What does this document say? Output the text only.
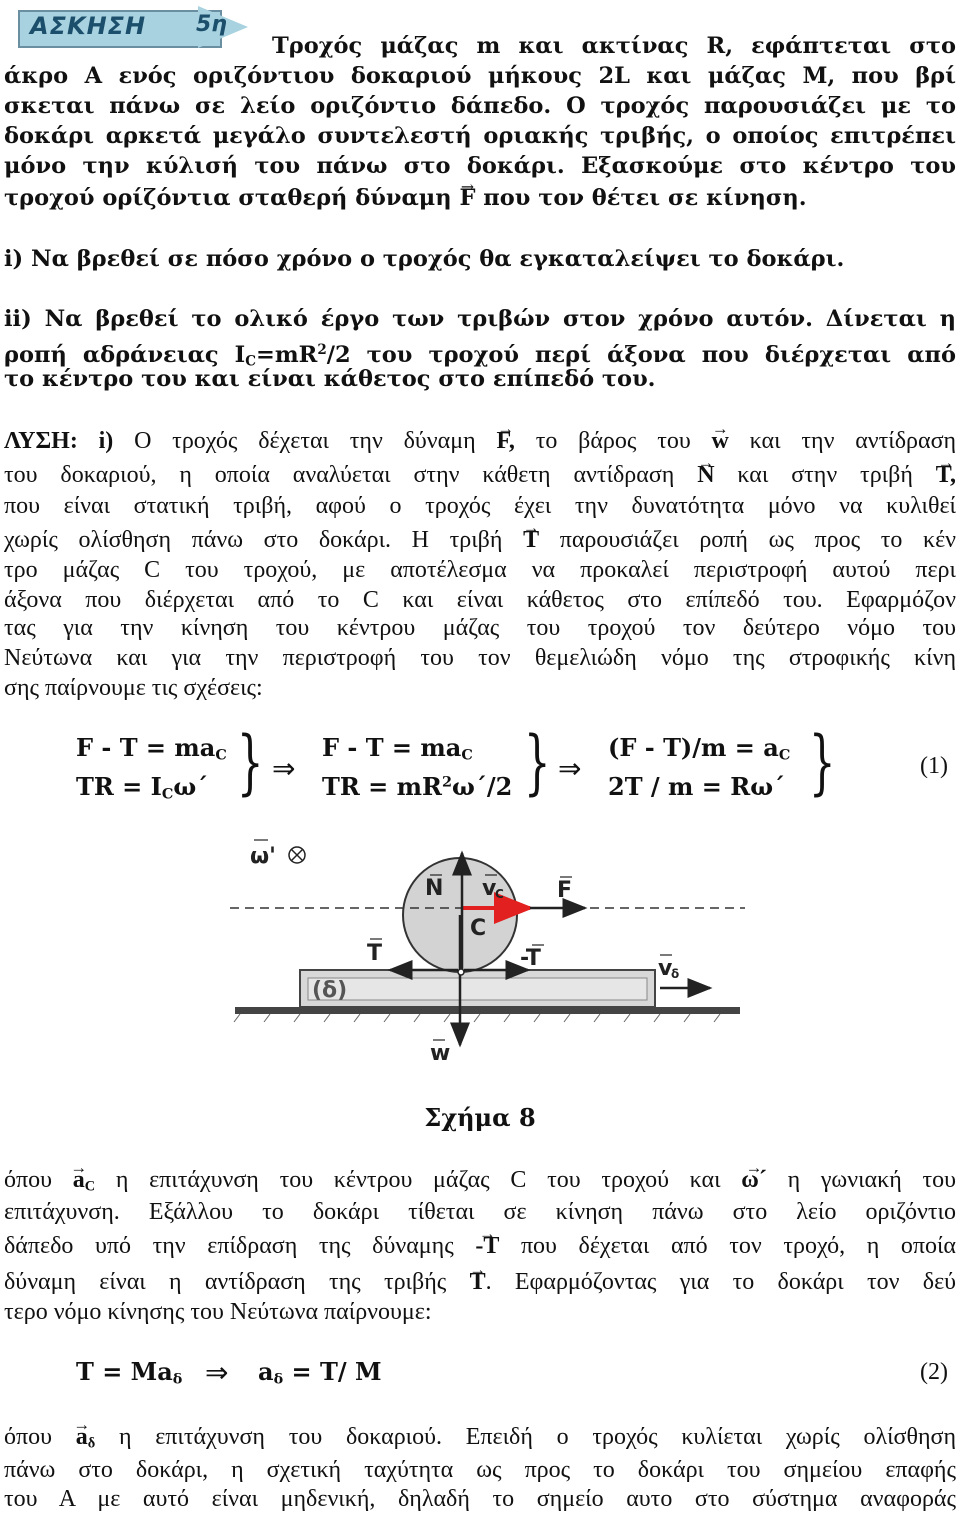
ΑΣΚΗΣΗ 5η
Τροχός μάζας m και ακτίνας R, εφάπτεται στο
άκρο Α ενός οριζόντιου δοκαριού μήκους 2L και μάζας M, που βρί
σκεται πάνω σε λείο οριζόντιο δάπεδο. Ο τροχός παρουσιάζει με το
δοκάρι αρκετά μεγάλο συντελεστή οριακής τριβής, ο οποίος επιτρέπει
μόνο την κύλισή του πάνω στο δοκάρι. Εξασκούμε στο κέντρο του
τροχού ορίζόντια σταθερή δύναμη → F που τον θέτει σε κίνηση.
i) Να βρεθεί σε πόσο χρόνο ο τροχός θα εγκαταλείψει το δοκάρι.
ii) Να βρεθεί το ολικό έργο των τριβών στον χρόνο αυτόν. Δίνεται η
ροπή αδράνειας $I_C=mR^2/2$ του τροχού περί άξονα που διέρχεται από
το κέντρο του και είναι κάθετος στο επίπεδό του.
ΛΥΣΗ: i) Ο τροχός δέχεται την δύναμη → F, το βάρος του → w και την αντίδραση
του δοκαριού, η οποία αναλύεται στην κάθετη αντίδραση → N και στην τριβή → T,
που είναι στατική τριβή, αφού ο τροχός έχει την δυνατότητα μόνο να κυλιθεί
χωρίς ολίσθηση πάνω στο δοκάρι. Η τριβή → T παρουσιάζει ροπή ως προς το κέν
τρο μάζας C του τροχού, με αποτέλεσμα να προκαλεί περιστροφή αυτού περι
άξονα που διέρχεται από το C και είναι κάθετος στο επίπεδό του. Εφαρμόζον
τας για την κίνηση του κέντρου μάζας του τροχού τον δεύτερο νόμο του
Νεύτωνα και για την περιστροφή του τον θεμελιώδη νόμο της στροφικής κίνη
σης παίρνουμε τις σχέσεις:
$F - T = ma_C$
TR = $I_C\omega´$ } ⇒
$F - T = ma_C$
TR = $mR^2\omega´/2$ } ⇒
$(F - T)/m = a_C$
2T / m = Rω´ }	(1)
ω'
N v
C F
C
T	-T	v
δ
(δ)
w
Σχήμα 8
$ό\pi o\upsilon \to a_C$ η επιτάχυνση του κέντρου μάζας C του τροχού και → ω´ η γωνιακή του
επιτάχυνση. Εξάλλου το δοκάρι τίθεται σε κίνηση πάνω στο λείο οριζόντιο
δάπεδο υπό την επίδραση της δύναμης → -T που δέχεται από τον τροχό, η οποία
δύναμη είναι η αντίδραση της τριβής → T. Εφαρμόζοντας για το δοκάρι τον δεύ
τερο νόμο κίνησης του Νεύτωνα παίρνουμε:
$T = Ma_\delta$ ⇒ $a_\delta = T/$ M	(2)
$ό\pi o\upsilon \to a_\delta$ η επιτάχυνση του δοκαριού. Επειδή ο τροχός κυλίεται χωρίς ολίσθηση
πάνω στο δοκάρι, η σχετική ταχύτητα ως προς το δοκάρι του σημείου επαφής
του Α με αυτό είναι μηδενική, δηλαδή το σημείο αυτο στο σύστημα αναφοράς
